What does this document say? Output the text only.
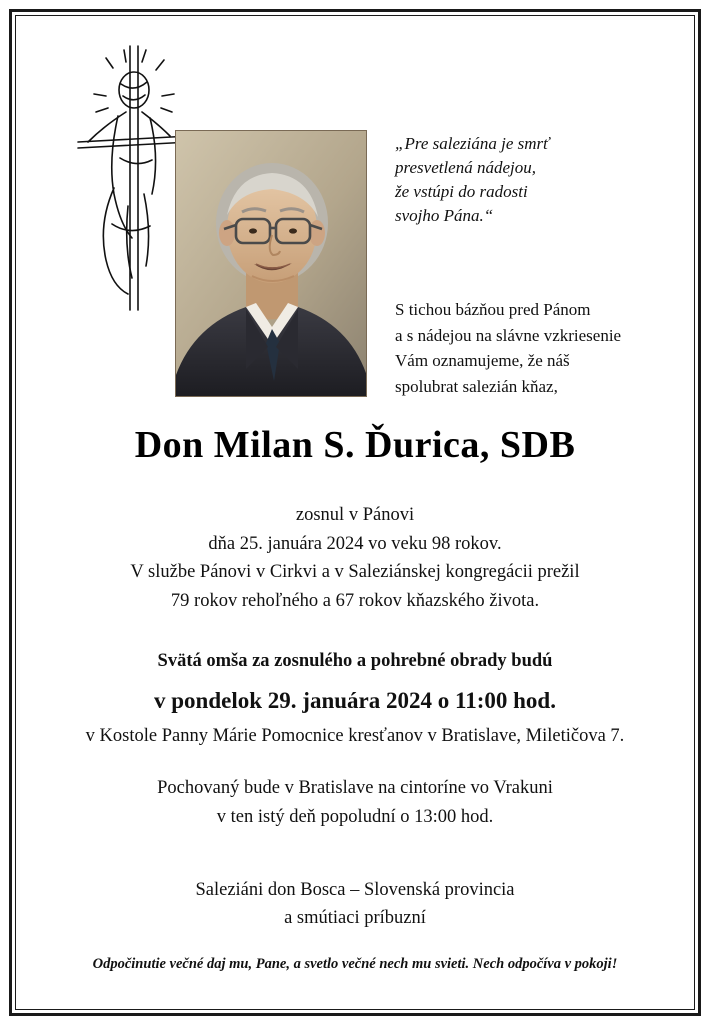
„Pre saleziána je smrť
presvetlená nádejou,
že vstúpi do radosti
svojho Pána.“
S tichou bázňou pred Pánom
a s nádejou na slávne vzkriesenie
Vám oznamujeme, že náš
spolubrat salezián kňaz,
Don Milan S. Ďurica, SDB
zosnul v Pánovi
dňa 25. januára 2024 vo veku 98 rokov.
V službe Pánovi v Cirkvi a v Saleziánskej kongregácii prežil
79 rokov rehoľného a 67 rokov kňazského života.
Svätá omša za zosnulého a pohrebné obrady budú
v pondelok 29. januára 2024 o 11:00 hod.
v Kostole Panny Márie Pomocnice kresťanov v Bratislave, Miletičova 7.
Pochovaný bude v Bratislave na cintoríne vo Vrakuni
v ten istý deň popoludní o 13:00 hod.
Saleziáni don Bosca – Slovenská provincia
a smútiaci príbuzní
Odpočinutie večné daj mu, Pane, a svetlo večné nech mu svieti. Nech odpočíva v pokoji!
